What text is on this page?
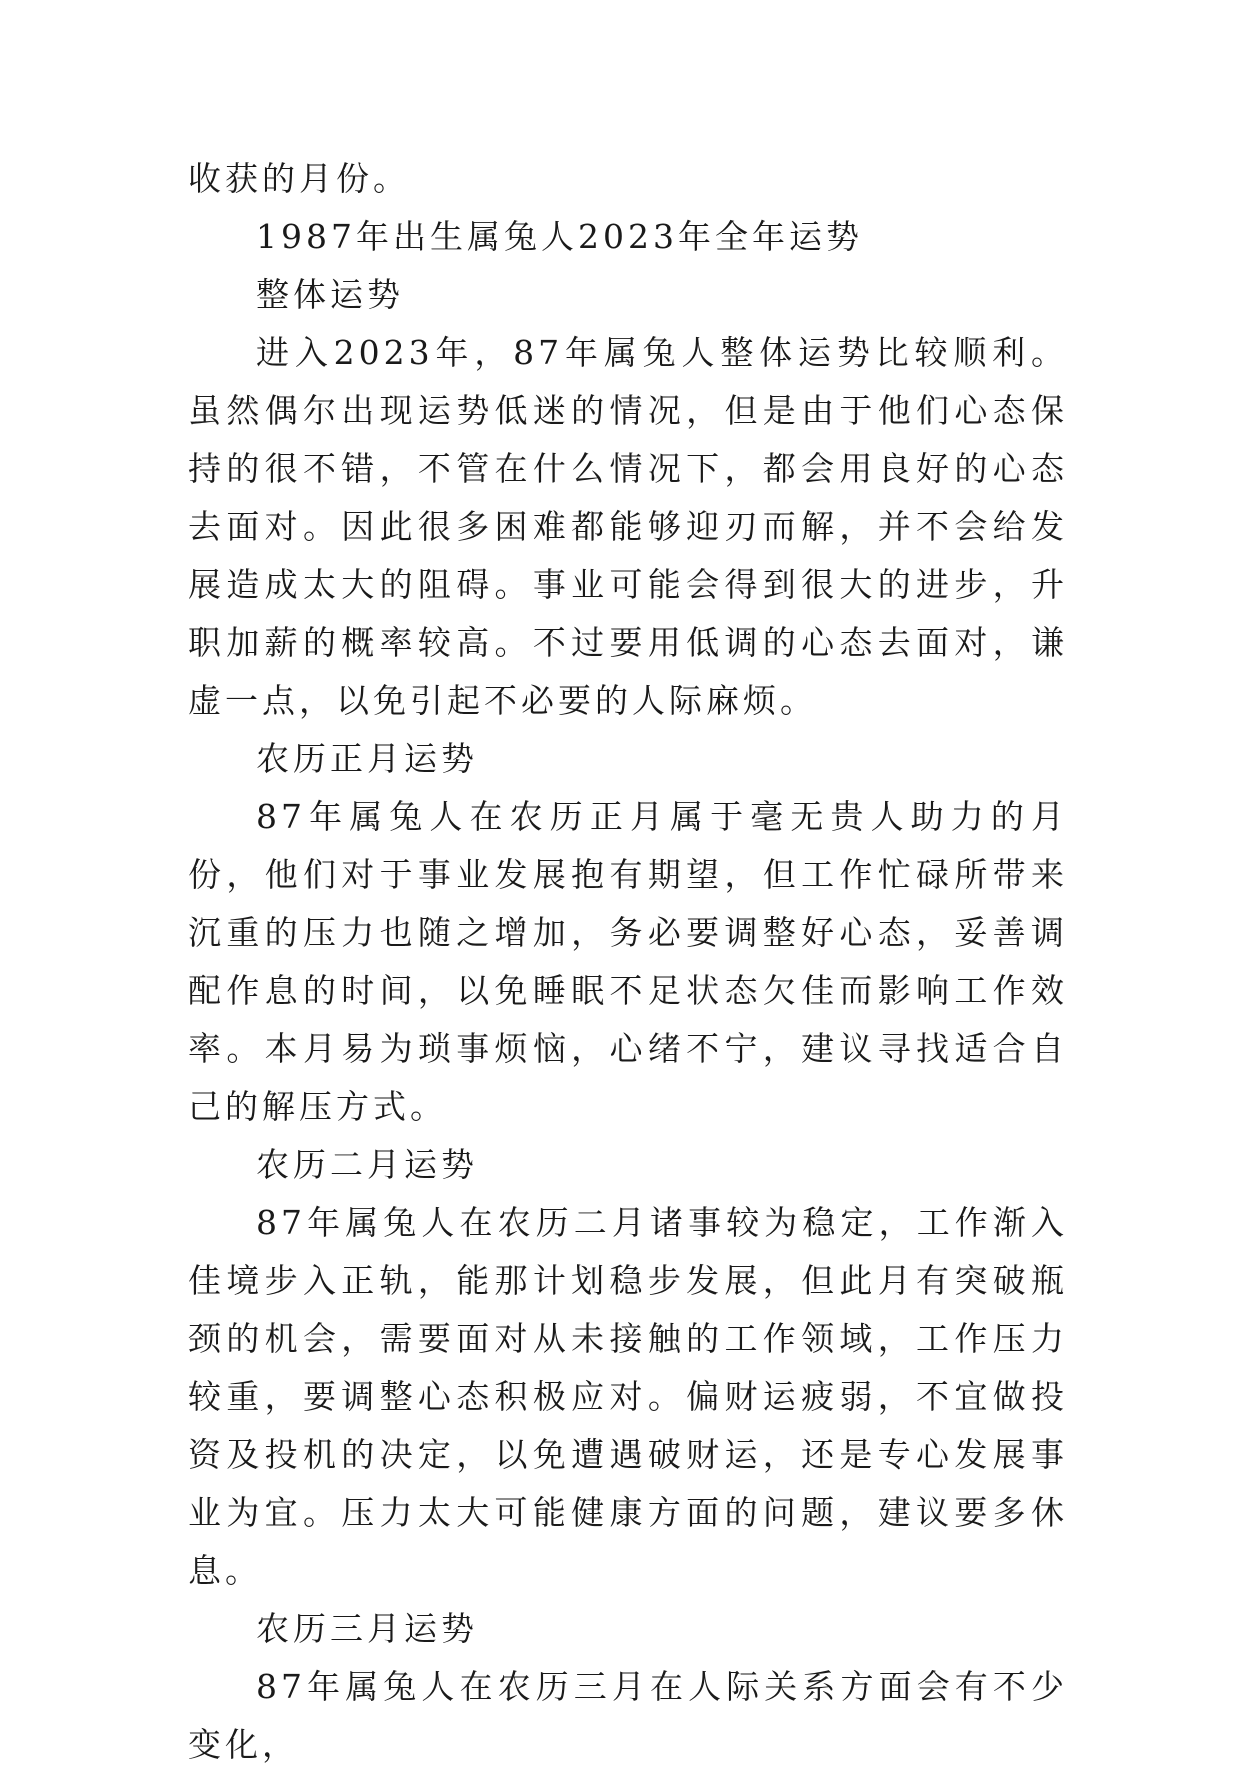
收获的月份。

1987年出生属兔人2023年全年运势

整体运势

进入2023年，87年属兔人整体运势比较顺利。虽然偶尔出现运势低迷的情况，但是由于他们心态保持的很不错，不管在什么情况下，都会用良好的心态去面对。因此很多困难都能够迎刃而解，并不会给发展造成太大的阻碍。事业可能会得到很大的进步，升职加薪的概率较高。不过要用低调的心态去面对，谦虚一点，以免引起不必要的人际麻烦。

农历正月运势

87年属兔人在农历正月属于毫无贵人助力的月份，他们对于事业发展抱有期望，但工作忙碌所带来沉重的压力也随之增加，务必要调整好心态，妥善调配作息的时间，以免睡眠不足状态欠佳而影响工作效率。本月易为琐事烦恼，心绪不宁，建议寻找适合自己的解压方式。

农历二月运势

87年属兔人在农历二月诸事较为稳定，工作渐入佳境步入正轨，能那计划稳步发展，但此月有突破瓶颈的机会，需要面对从未接触的工作领域，工作压力较重，要调整心态积极应对。偏财运疲弱，不宜做投资及投机的决定，以免遭遇破财运，还是专心发展事业为宜。压力太大可能健康方面的问题，建议要多休息。

农历三月运势

87年属兔人在农历三月在人际关系方面会有不少变化，
